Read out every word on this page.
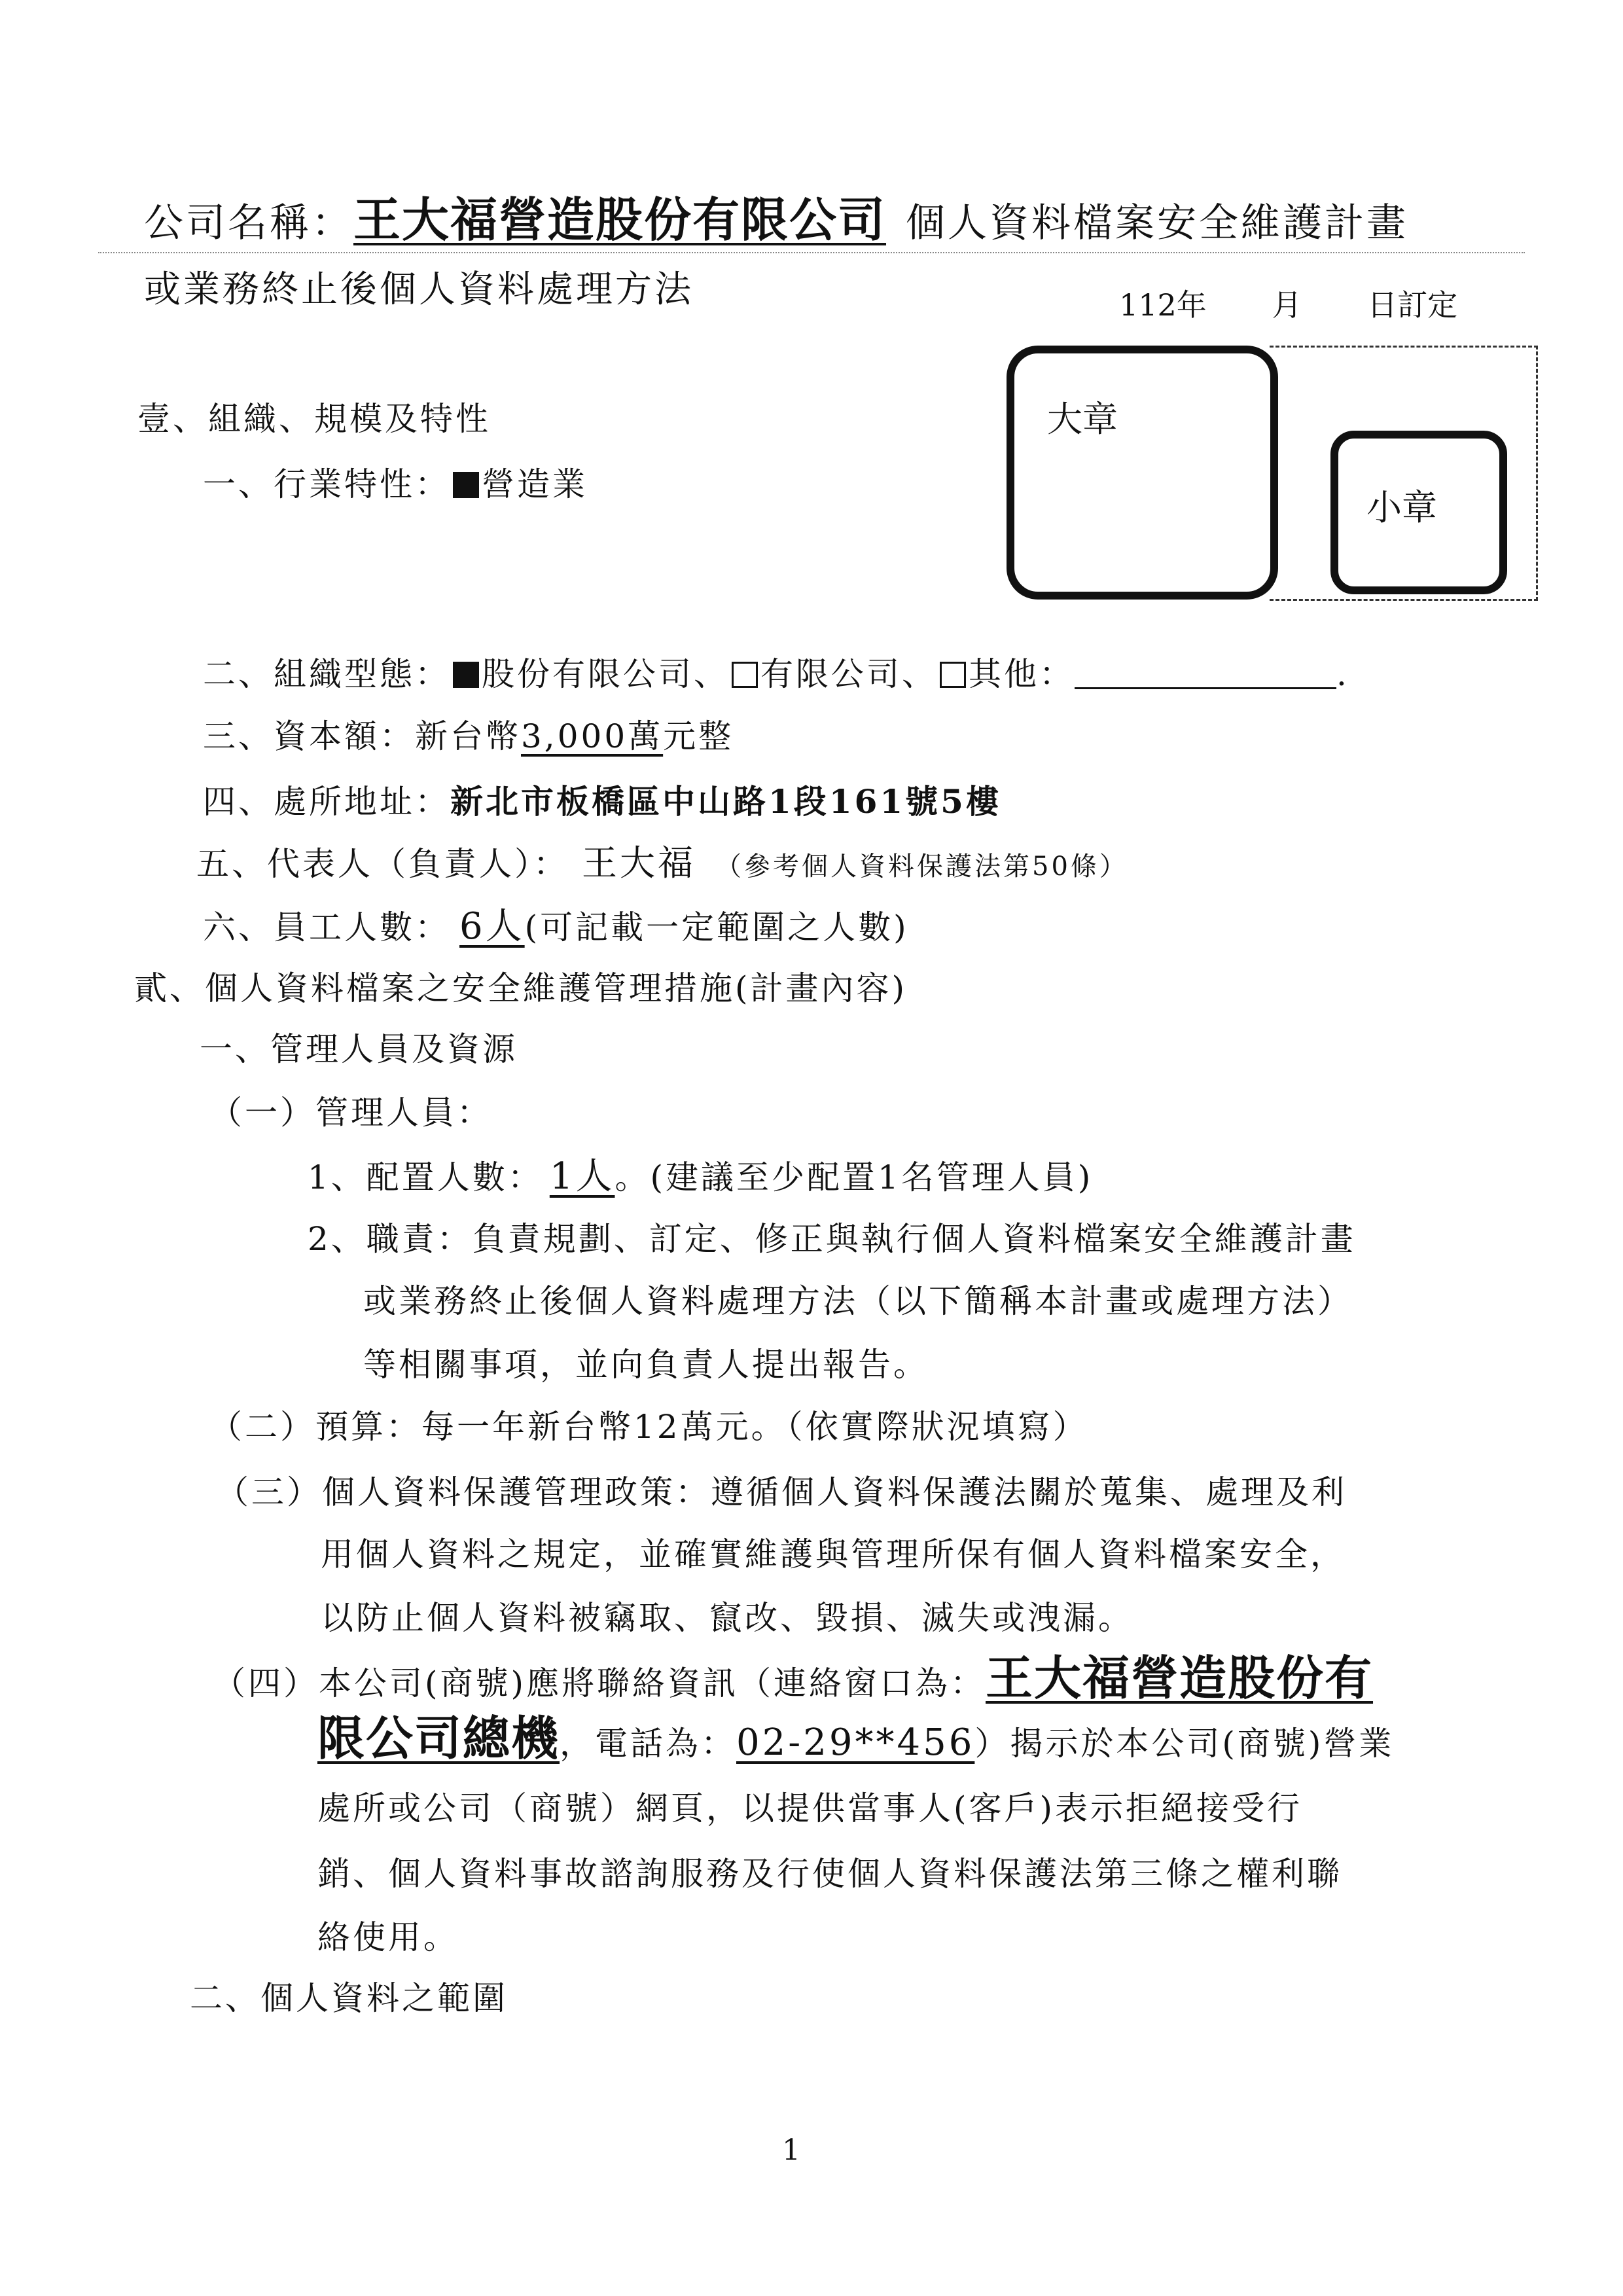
公司名稱：王大福營造股份有限公司 個人資料檔案安全維護計畫
或業務終止後個人資料處理方法	112年 月 日訂定
大章
小章
壹、組織、規模及特性
一、行業特性： 營造業
二、組織型態： 股份有限公司、 有限公司、 其他：	.
三、資本額：新台幣3,000萬元整
四、處所地址：新北市板橋區中山路1段161號5樓
五、代表人（負責人）： 王大福 （參考個人資料保護法第50條）
六、員工人數： 6人(可記載一定範圍之人數)
貳、個人資料檔案之安全維護管理措施(計畫內容)
一、管理人員及資源
（一）管理人員：
1、配置人數： 1人。(建議至少配置1名管理人員)
2、職責：負責規劃、訂定、修正與執行個人資料檔案安全維護計畫
或業務終止後個人資料處理方法（以下簡稱本計畫或處理方法）
等相關事項，並向負責人提出報告。
（二）預算：每一年新台幣12萬元。（依實際狀況填寫）
（三）個人資料保護管理政策：遵循個人資料保護法關於蒐集、處理及利
用個人資料之規定，並確實維護與管理所保有個人資料檔案安全，
以防止個人資料被竊取、竄改、毀損、滅失或洩漏。
（四）本公司(商號)應將聯絡資訊（連絡窗口為：王大福營造股份有
限公司總機，電話為：02-29**456）揭示於本公司(商號)營業
處所或公司（商號）網頁，以提供當事人(客戶)表示拒絕接受行
銷、個人資料事故諮詢服務及行使個人資料保護法第三條之權利聯
絡使用。
二、個人資料之範圍
1
